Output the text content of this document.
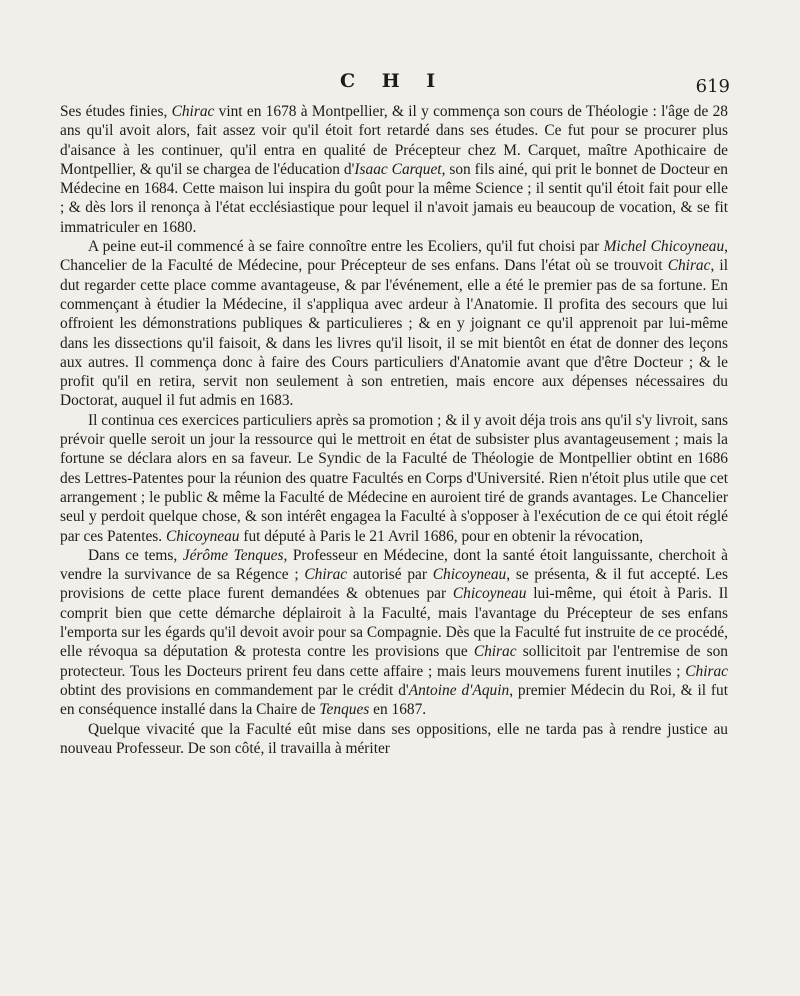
C H I	619

Ses études finies, Chirac vint en 1678 à Montpellier, & il y commença son cours de Théologie : l'âge de 28 ans qu'il avoit alors, fait assez voir qu'il étoit fort retardé dans ses études. Ce fut pour se procurer plus d'aisance à les continuer, qu'il entra en qualité de Précepteur chez M. Carquet, maître Apothicaire de Montpellier, & qu'il se chargea de l'éducation d'Isaac Carquet, son fils ainé, qui prit le bonnet de Docteur en Médecine en 1684. Cette maison lui inspira du goût pour la même Science ; il sentit qu'il étoit fait pour elle ; & dès lors il renonça à l'état ecclésiastique pour lequel il n'avoit jamais eu beaucoup de vocation, & se fit immatriculer en 1680.

A peine eut-il commencé à se faire connoître entre les Ecoliers, qu'il fut choisi par Michel Chicoyneau, Chancelier de la Faculté de Médecine, pour Précepteur de ses enfans. Dans l'état où se trouvoit Chirac, il dut regarder cette place comme avantageuse, & par l'événement, elle a été le premier pas de sa fortune. En commençant à étudier la Médecine, il s'appliqua avec ardeur à l'Anatomie. Il profita des secours que lui offroient les démonstrations publiques & particulieres ; & en y joignant ce qu'il apprenoit par lui-même dans les dissections qu'il faisoit, & dans les livres qu'il lisoit, il se mit bientôt en état de donner des leçons aux autres. Il commença donc à faire des Cours particuliers d'Anatomie avant que d'être Docteur ; & le profit qu'il en retira, servit non seulement à son entretien, mais encore aux dépenses nécessaires du Doctorat, auquel il fut admis en 1683.

Il continua ces exercices particuliers après sa promotion ; & il y avoit déja trois ans qu'il s'y livroit, sans prévoir quelle seroit un jour la ressource qui le mettroit en état de subsister plus avantageusement ; mais la fortune se déclara alors en sa faveur. Le Syndic de la Faculté de Théologie de Montpellier obtint en 1686 des Lettres-Patentes pour la réunion des quatre Facultés en Corps d'Université. Rien n'étoit plus utile que cet arrangement ; le public & même la Faculté de Médecine en auroient tiré de grands avantages. Le Chancelier seul y perdoit quelque chose, & son intérêt engagea la Faculté à s'opposer à l'exécution de ce qui étoit réglé par ces Patentes. Chicoyneau fut député à Paris le 21 Avril 1686, pour en obtenir la révocation,

Dans ce tems, Jérôme Tenques, Professeur en Médecine, dont la santé étoit languissante, cherchoit à vendre la survivance de sa Régence ; Chirac autorisé par Chicoyneau, se présenta, & il fut accepté. Les provisions de cette place furent demandées & obtenues par Chicoyneau lui-même, qui étoit à Paris. Il comprit bien que cette démarche déplairoit à la Faculté, mais l'avantage du Précepteur de ses enfans l'emporta sur les égards qu'il devoit avoir pour sa Compagnie. Dès que la Faculté fut instruite de ce procédé, elle révoqua sa députation & protesta contre les provisions que Chirac sollicitoit par l'entremise de son protecteur. Tous les Docteurs prirent feu dans cette affaire ; mais leurs mouvemens furent inutiles ; Chirac obtint des provisions en commandement par le crédit d'Antoine d'Aquin, premier Médecin du Roi, & il fut en conséquence installé dans la Chaire de Tenques en 1687.

Quelque vivacité que la Faculté eût mise dans ses oppositions, elle ne tarda pas à rendre justice au nouveau Professeur. De son côté, il travailla à mériter
